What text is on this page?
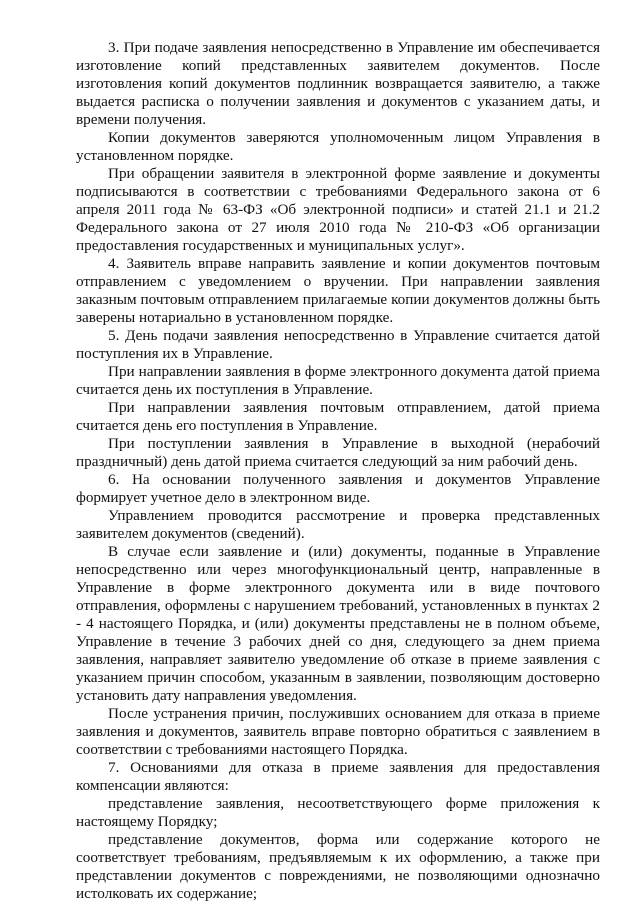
3. При подаче заявления непосредственно в Управление им обеспечивается изготовление копий представленных заявителем документов. После изготовления копий документов подлинник возвращается заявителю, а также выдается расписка о получении заявления и документов с указанием даты, и времени получения.

Копии документов заверяются уполномоченным лицом Управления в установленном порядке.

При обращении заявителя в электронной форме заявление и документы подписываются в соответствии с требованиями Федерального закона от 6 апреля 2011 года № 63-ФЗ «Об электронной подписи» и статей 21.1 и 21.2 Федерального закона от 27 июля 2010 года № 210-ФЗ «Об организации предоставления государственных и муниципальных услуг».

4. Заявитель вправе направить заявление и копии документов почтовым отправлением с уведомлением о вручении. При направлении заявления заказным почтовым отправлением прилагаемые копии документов должны быть заверены нотариально в установленном порядке.

5. День подачи заявления непосредственно в Управление считается датой поступления их в Управление.

При направлении заявления в форме электронного документа датой приема считается день их поступления в Управление.

При направлении заявления почтовым отправлением, датой приема считается день его поступления в Управление.

При поступлении заявления в Управление в выходной (нерабочий праздничный) день датой приема считается следующий за ним рабочий день.

6. На основании полученного заявления и документов Управление формирует учетное дело в электронном виде.

Управлением проводится рассмотрение и проверка представленных заявителем документов (сведений).

В случае если заявление и (или) документы, поданные в Управление непосредственно или через многофункциональный центр, направленные в Управление в форме электронного документа или в виде почтового отправления, оформлены с нарушением требований, установленных в пунктах 2 - 4 настоящего Порядка, и (или) документы представлены не в полном объеме, Управление в течение 3 рабочих дней со дня, следующего за днем приема заявления, направляет заявителю уведомление об отказе в приеме заявления с указанием причин способом, указанным в заявлении, позволяющим достоверно установить дату направления уведомления.

После устранения причин, послуживших основанием для отказа в приеме заявления и документов, заявитель вправе повторно обратиться с заявлением в соответствии с требованиями настоящего Порядка.

7. Основаниями для отказа в приеме заявления для предоставления компенсации являются:

представление заявления, несоответствующего форме приложения к настоящему Порядку;

представление документов, форма или содержание которого не соответствует требованиям, предъявляемым к их оформлению, а также при представлении документов с повреждениями, не позволяющими однозначно истолковать их содержание;
